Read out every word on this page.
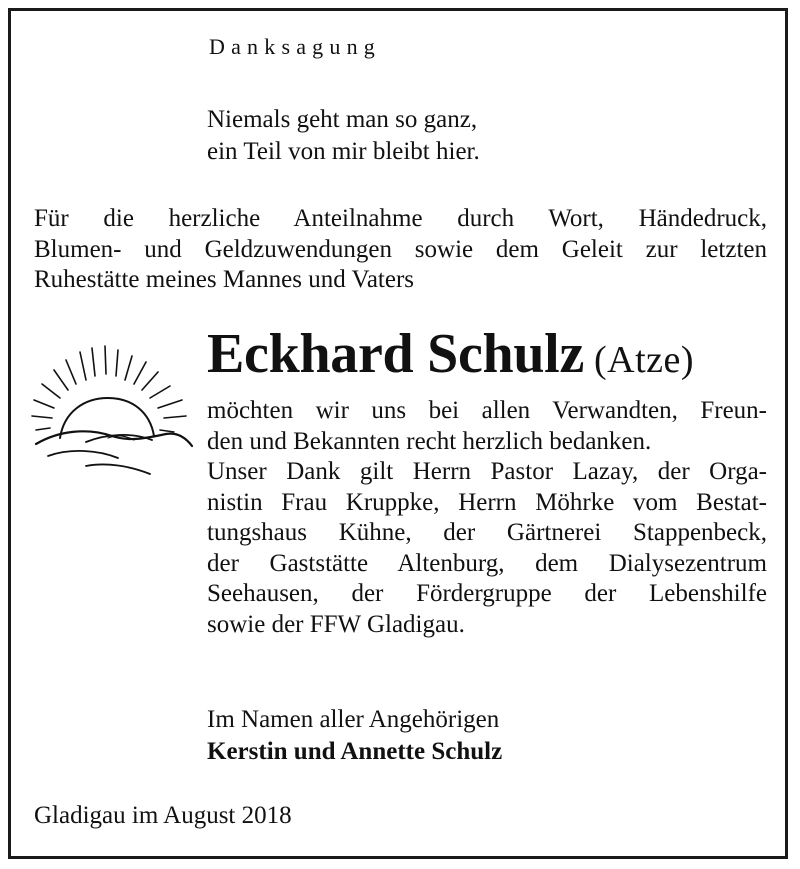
Danksagung
Niemals geht man so ganz,
ein Teil von mir bleibt hier.
Für die herzliche Anteilnahme durch Wort, Händedruck,
Blumen- und Geldzuwendungen sowie dem Geleit zur letzten
Ruhestätte meines Mannes und Vaters
Eckhard Schulz (Atze)
möchten wir uns bei allen Verwandten, Freun-
den und Bekannten recht herzlich bedanken.
Unser Dank gilt Herrn Pastor Lazay, der Orga-
nistin Frau Kruppke, Herrn Möhrke vom Bestat-
tungshaus Kühne, der Gärtnerei Stappenbeck,
der Gaststätte Altenburg, dem Dialysezentrum
Seehausen, der Fördergruppe der Lebenshilfe
sowie der FFW Gladigau.
Im Namen aller Angehörigen
Kerstin und Annette Schulz
Gladigau im August 2018
